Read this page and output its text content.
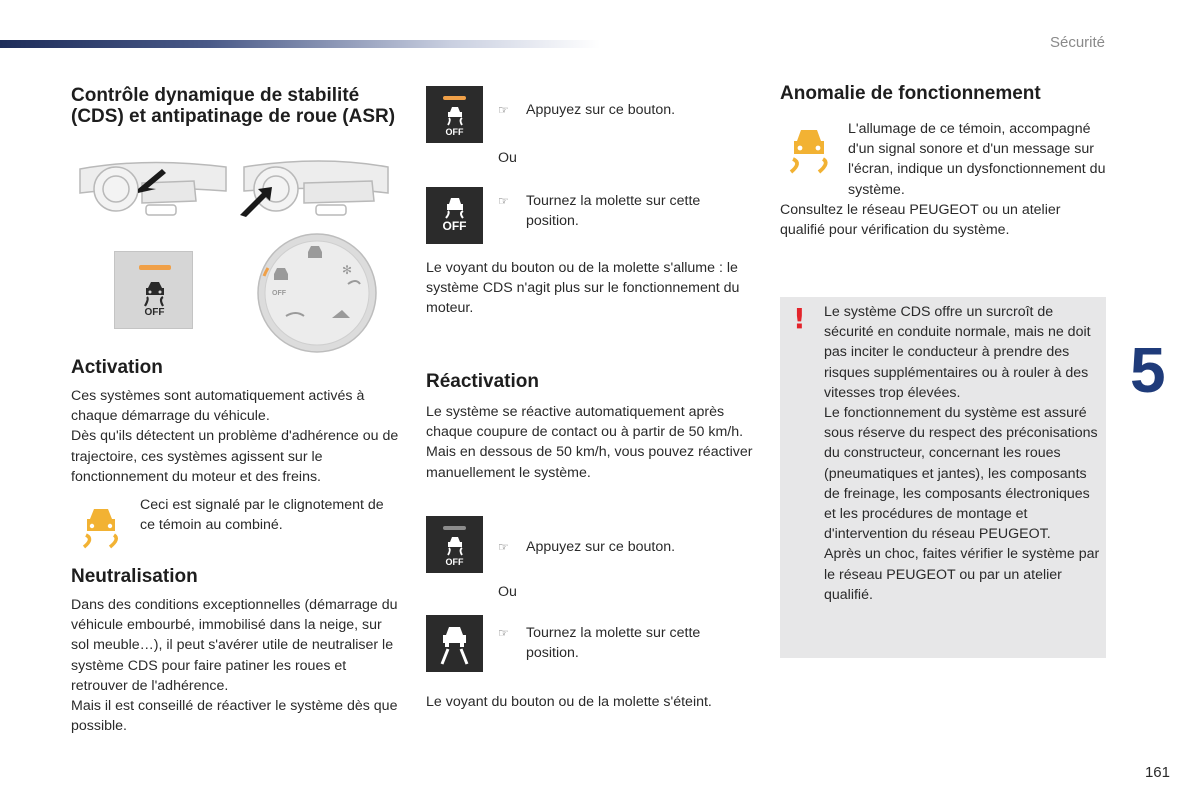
Sécurité
Contrôle dynamique de stabilité (CDS) et antipatinage de roue (ASR)
OFF
OFF
✻
Activation
Ces systèmes sont automatiquement activés à chaque démarrage du véhicule.
Dès qu'ils détectent un problème d'adhérence ou de trajectoire, ces systèmes agissent sur le fonctionnement du moteur et des freins.
Ceci est signalé par le clignotement de ce témoin au combiné.
Neutralisation
Dans des conditions exceptionnelles (démarrage du véhicule embourbé, immobilisé dans la neige, sur sol meuble…), il peut s'avérer utile de neutraliser le système CDS pour faire patiner les roues et retrouver de l'adhérence.
Mais il est conseillé de réactiver le système dès que possible.
OFF
☞ Appuyez sur ce bouton.
Ou
OFF
☞ Tournez la molette sur cette position.
Le voyant du bouton ou de la molette s'allume : le système CDS n'agit plus sur le fonctionnement du moteur.
Réactivation
Le système se réactive automatiquement après chaque coupure de contact ou à partir de 50 km/h.
Mais en dessous de 50 km/h, vous pouvez réactiver manuellement le système.
OFF
☞ Appuyez sur ce bouton.
Ou
☞ Tournez la molette sur cette position.
Le voyant du bouton ou de la molette s'éteint.
Anomalie de fonctionnement
L'allumage de ce témoin, accompagné d'un signal sonore et d'un message sur l'écran, indique un dysfonctionnement du système.
Consultez le réseau PEUGEOT ou un atelier qualifié pour vérification du système.
! Le système CDS offre un surcroît de sécurité en conduite normale, mais ne doit pas inciter le conducteur à prendre des risques supplémentaires ou à rouler à des vitesses trop élevées.
Le fonctionnement du système est assuré sous réserve du respect des préconisations du constructeur, concernant les roues (pneumatiques et jantes), les composants de freinage, les composants électroniques et les procédures de montage et d'intervention du réseau PEUGEOT.
Après un choc, faites vérifier le système par le réseau PEUGEOT ou par un atelier qualifié.
5
161
